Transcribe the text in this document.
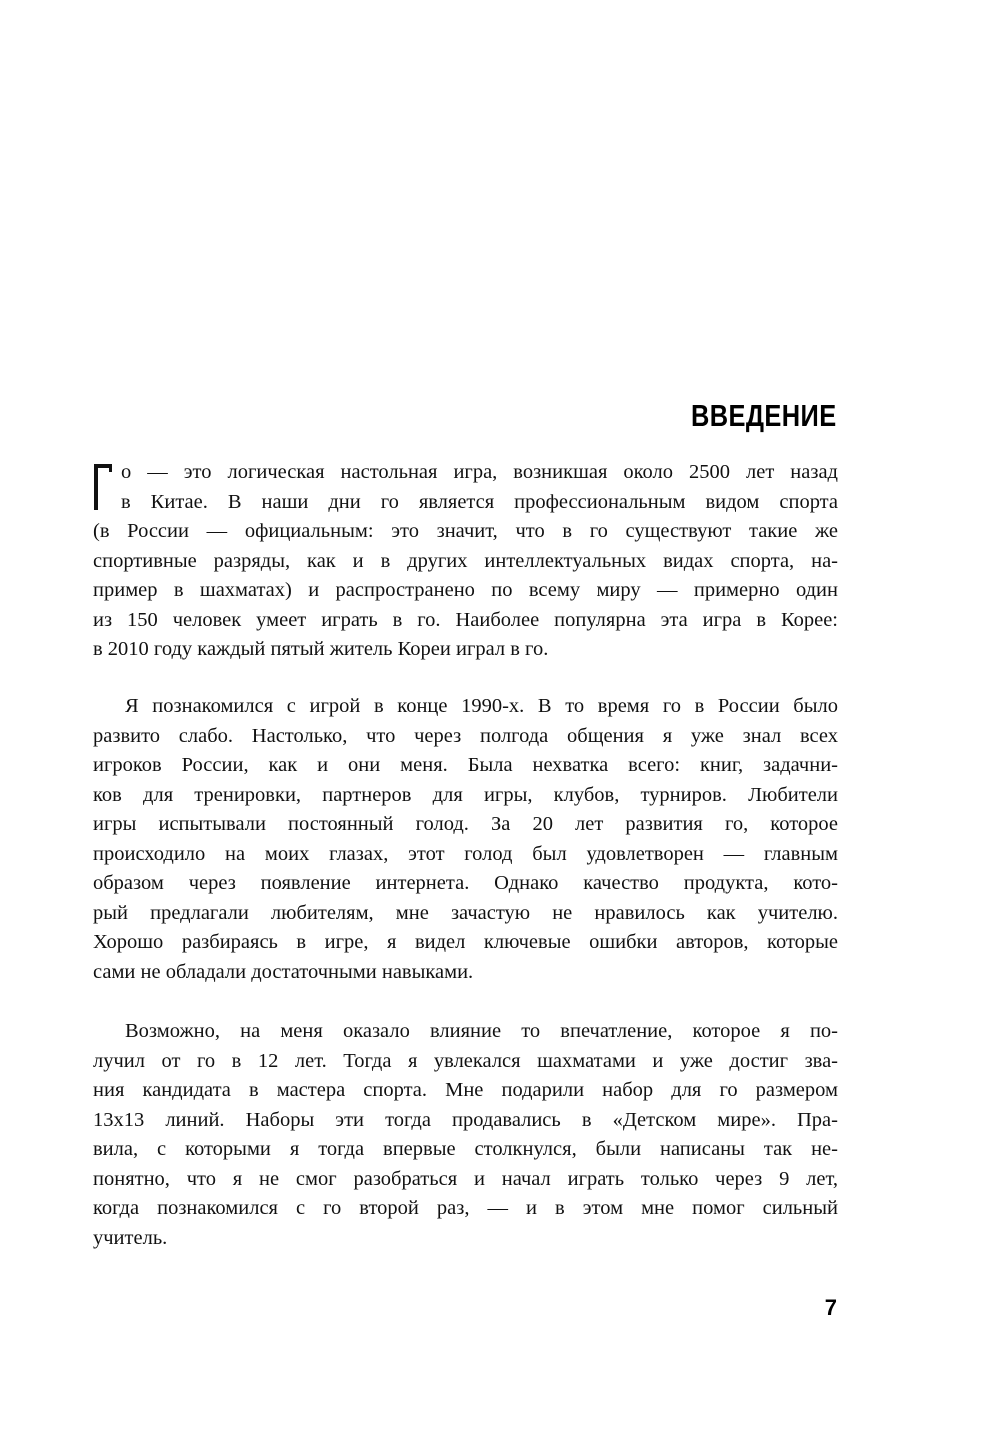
ВВЕДЕНИЕ
о — это логическая настольная игра, возникшая около 2500 лет назад
в Китае. В наши дни го является профессиональным видом спорта
(в России — официальным: это значит, что в го существуют такие же
спортивные разряды, как и в других интеллектуальных видах спорта, на-
пример в шахматах) и распространено по всему миру — примерно один
из 150 человек умеет играть в го. Наиболее популярна эта игра в Корее:
в 2010 году каждый пятый житель Кореи играл в го.
Я познакомился с игрой в конце 1990-х. В то время го в России было
развито слабо. Настолько, что через полгода общения я уже знал всех
игроков России, как и они меня. Была нехватка всего: книг, задачни-
ков для тренировки, партнеров для игры, клубов, турниров. Любители
игры испытывали постоянный голод. За 20 лет развития го, которое
происходило на моих глазах, этот голод был удовлетворен — главным
образом через появление интернета. Однако качество продукта, кото-
рый предлагали любителям, мне зачастую не нравилось как учителю.
Хорошо разбираясь в игре, я видел ключевые ошибки авторов, которые
сами не обладали достаточными навыками.
Возможно, на меня оказало влияние то впечатление, которое я по-
лучил от го в 12 лет. Тогда я увлекался шахматами и уже достиг зва-
ния кандидата в мастера спорта. Мне подарили набор для го размером
13х13 линий. Наборы эти тогда продавались в «Детском мире». Пра-
вила, с которыми я тогда впервые столкнулся, были написаны так не-
понятно, что я не смог разобраться и начал играть только через 9 лет,
когда познакомился с го второй раз, — и в этом мне помог сильный
учитель.

7
